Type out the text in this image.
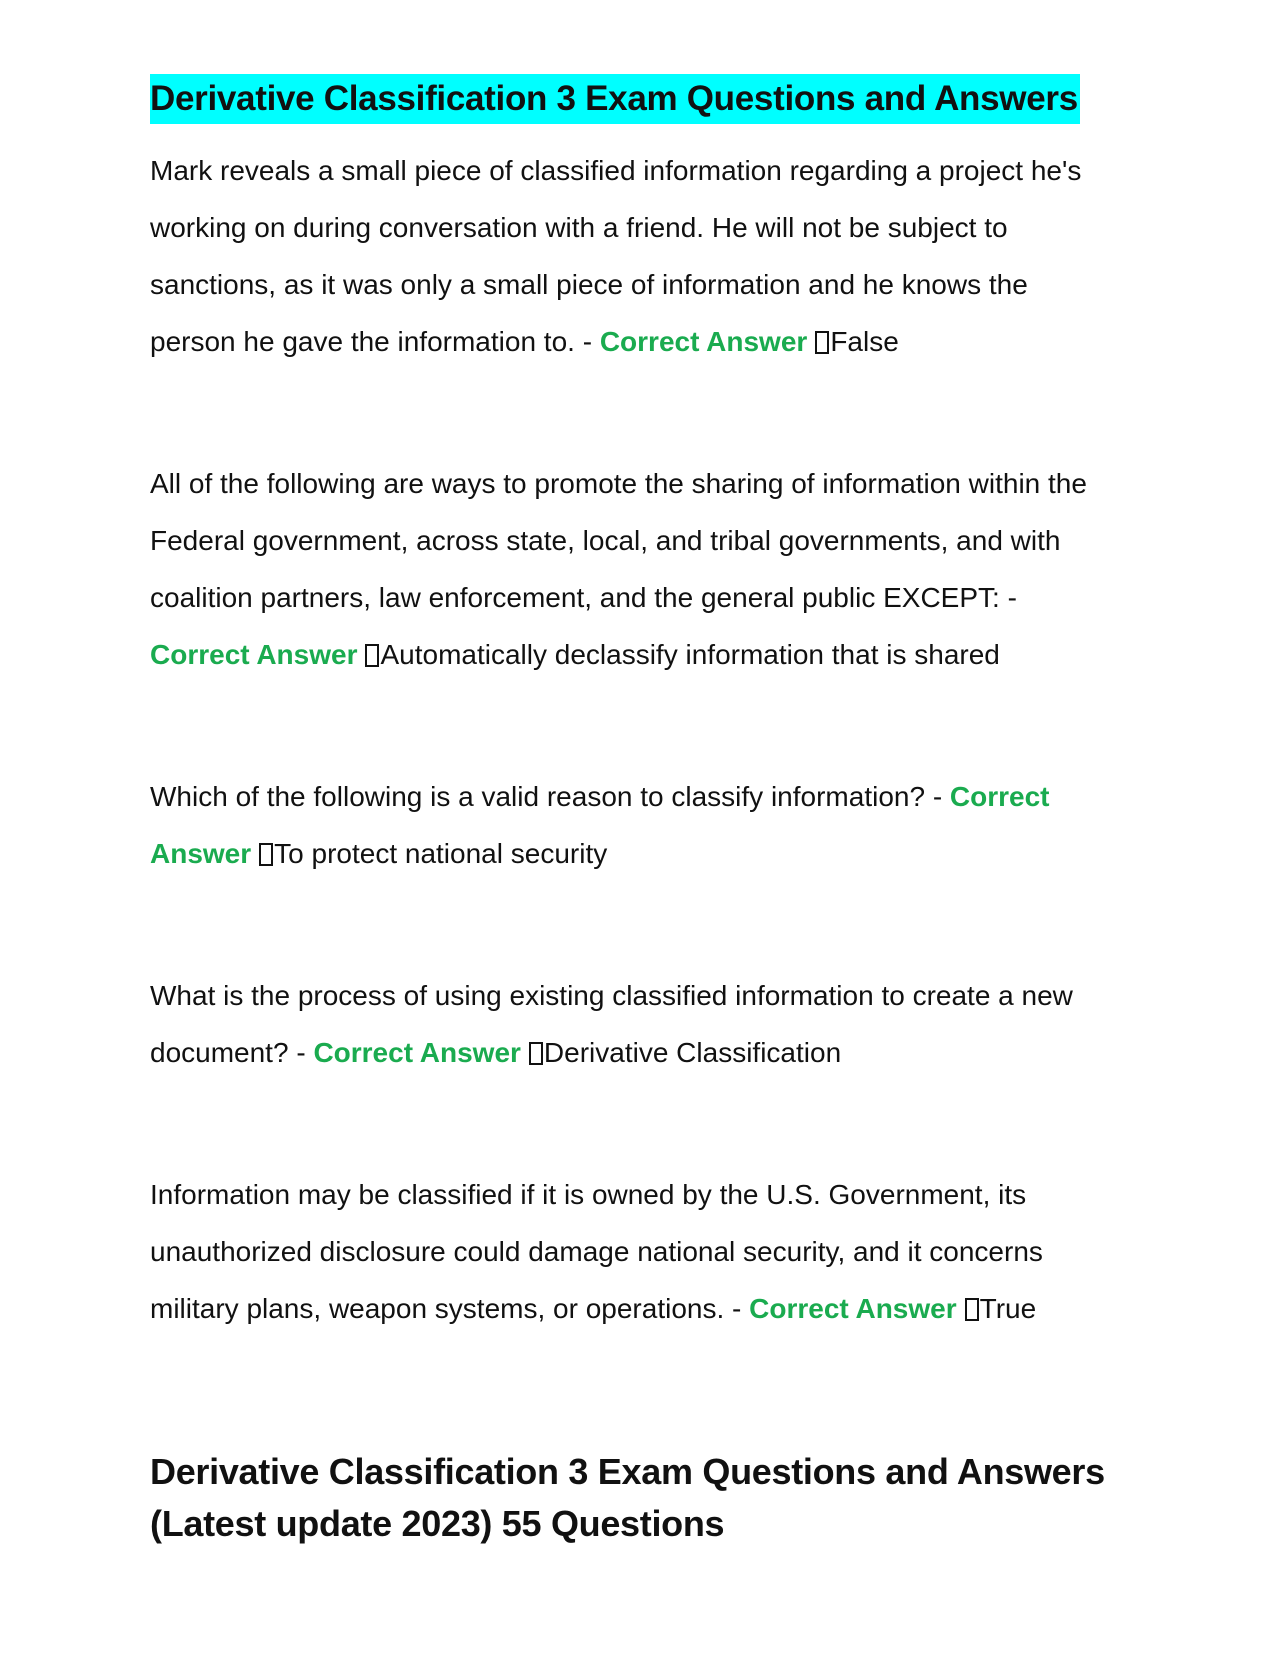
Derivative Classification 3 Exam Questions and Answers

Mark reveals a small piece of classified information regarding a project he's working on during conversation with a friend. He will not be subject to sanctions, as it was only a small piece of information and he knows the person he gave the information to. - Correct Answer False

All of the following are ways to promote the sharing of information within the Federal government, across state, local, and tribal governments, and with coalition partners, law enforcement, and the general public EXCEPT: - Correct Answer Automatically declassify information that is shared

Which of the following is a valid reason to classify information? - Correct Answer To protect national security

What is the process of using existing classified information to create a new document? - Correct Answer Derivative Classification

Information may be classified if it is owned by the U.S. Government, its unauthorized disclosure could damage national security, and it concerns military plans, weapon systems, or operations. - Correct Answer True

Derivative Classification 3 Exam Questions and Answers
(Latest update 2023) 55 Questions
